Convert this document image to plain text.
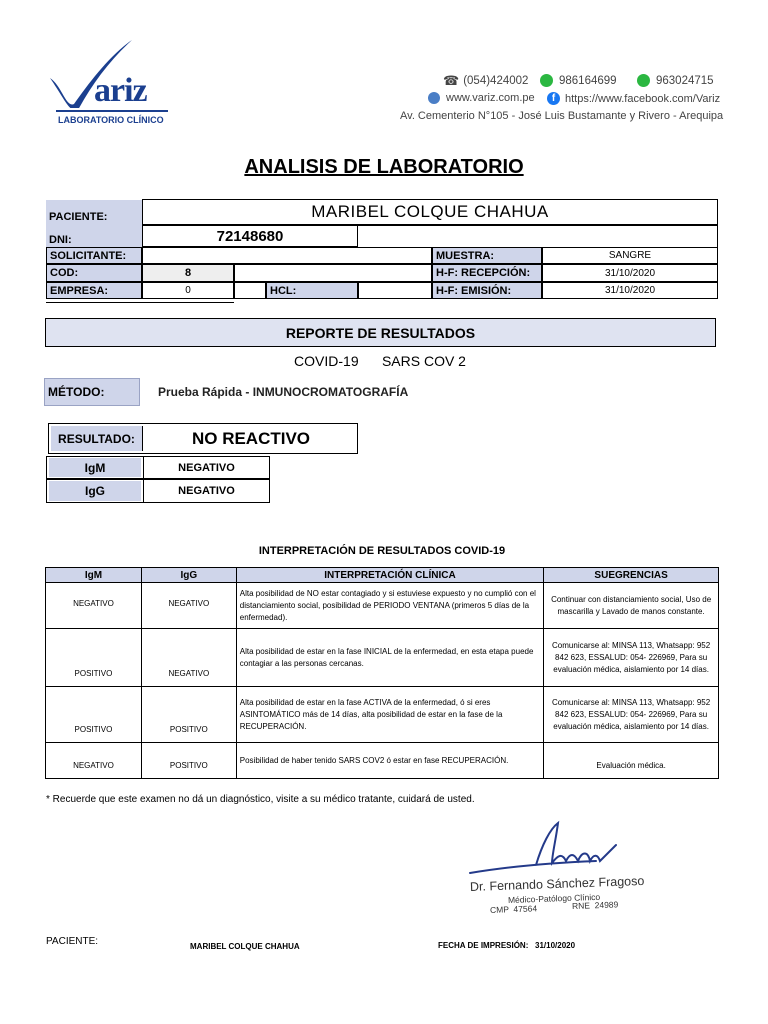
ariz
LABORATORIO CLÍNICO
☎ (054)424002	986164699	963024715
www.variz.com.pe	f https://www.facebook.com/Variz
Av. Cementerio N°105 - José Luis Bustamante y Rivero - Arequipa
ANALISIS DE LABORATORIO
PACIENTE:	MARIBEL COLQUE CHAHUA
DNI:	72148680
SOLICITANTE:	MUESTRA:	SANGRE
COD:	8	H-F: RECEPCIÓN:	31/10/2020
EMPRESA:	0	HCL:	H-F: EMISIÓN:	31/10/2020
REPORTE DE RESULTADOS
COVID-19      SARS COV 2
MÉTODO:	Prueba Rápida - INMUNOCROMATOGRAFÍA
RESULTADO:	NO REACTIVO
IgM	NEGATIVO
IgG	NEGATIVO
INTERPRETACIÓN DE RESULTADOS COVID-19
IgM	IgG	INTERPRETACIÓN CLÍNICA	SUEGRENCIAS
NEGATIVO	NEGATIVO	Alta posibilidad de NO estar contagiado y si estuviese expuesto y no cumplió con el distanciamiento social, posibilidad de PERIODO VENTANA (primeros 5 días de la enfermedad).	Continuar con distanciamiento social, Uso de mascarilla y Lavado de manos constante.
POSITIVO	NEGATIVO	Alta posibilidad de estar en la fase INICIAL de la enfermedad, en esta etapa puede contagiar a las personas cercanas.	Comunicarse al: MINSA 113, Whatsapp: 952 842 623, ESSALUD: 054- 226969, Para su evaluación médica, aislamiento por 14 días.
POSITIVO	POSITIVO	Alta posibilidad de estar en la fase ACTIVA de la enfermedad, ó si eres ASINTOMÁTICO más de 14 días, alta posibilidad de estar en la fase de la RECUPERACIÓN.	Comunicarse al: MINSA 113, Whatsapp: 952 842 623, ESSALUD: 054- 226969, Para su evaluación médica, aislamiento por 14 días.
NEGATIVO	POSITIVO	Posibilidad de haber tenido SARS COV2 ó estar en fase RECUPERACIÓN.	Evaluación médica.
* Recuerde que este examen no dá un diagnóstico, visite a su médico tratante, cuidará de usted.
Dr. Fernando Sánchez Fragoso
Médico-Patólogo Clínico
CMP  47564	RNE  24989
PACIENTE:	MARIBEL COLQUE CHAHUA	FECHA DE IMPRESIÓN: 31/10/2020
